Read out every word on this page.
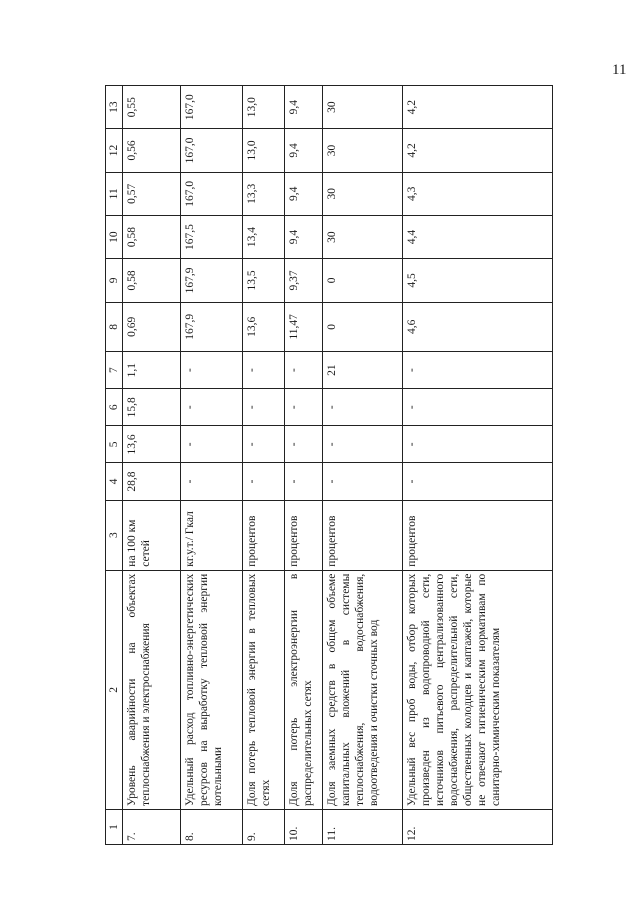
11
1	2	3	4	5	6	7	8	9	10	11	12	13
7.	Уровень аварийности на объектах теплоснабжения и электроснабжения	на 100 км сетей	28,8	13,6	15,8	1,1	0,69	0,58	0,58	0,57	0,56	0,55
8.	Удельный расход топливно-энергетических ресурсов на выработку тепловой энергии котельными	кг.у.т./ Гкал	-	-	-	-	167,9	167,9	167,5	167,0	167,0	167,0
9.	Доля потерь тепловой энергии в тепловых сетях	процентов	-	-	-	-	13,6	13,5	13,4	13,3	13,0	13,0
10.	Доля потерь электроэнергии в распределительных сетях	процентов	-	-	-	-	11,47	9,37	9,4	9,4	9,4	9,4
11.	Доля заемных средств в общем объеме капитальных вложений в системы теплоснабжения, водоснабжения, водоотведения и очистки сточных вод	процентов	-	-	-	21	0	0	30	30	30	30
12.	Удельный вес проб воды, отбор которых произведен из водопроводной сети, источников питьевого централизованного водоснабжения, распределительной сети, общественных колодцев и каптажей, которые не отвечают гигиеническим нормативам по санитарно-химическим показателям	процентов	-	-	-	-	4,6	4,5	4,4	4,3	4,2	4,2
